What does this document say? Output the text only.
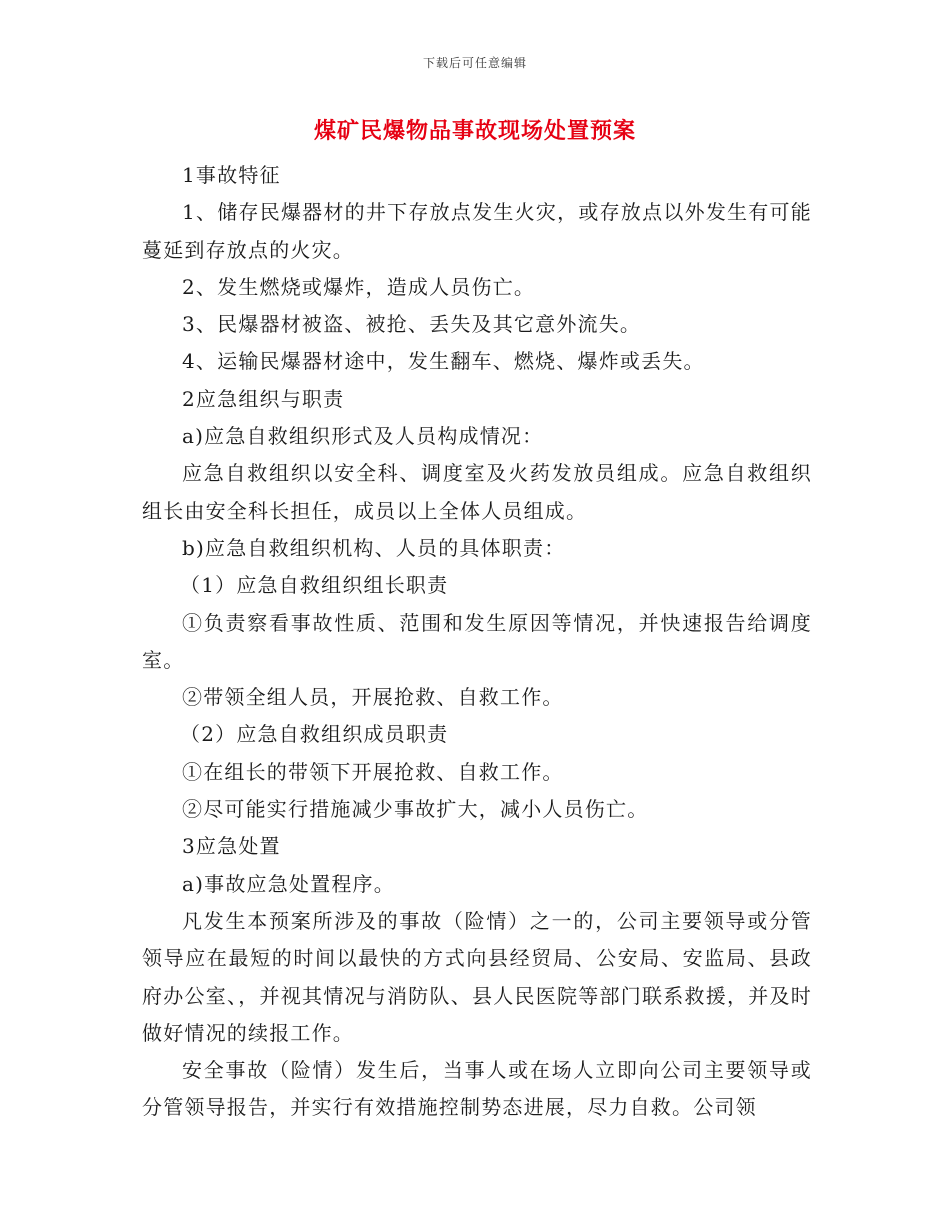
下载后可任意编辑
煤矿民爆物品事故现场处置预案

1事故特征

1、储存民爆器材的井下存放点发生火灾，或存放点以外发生有可能蔓延到存放点的火灾。

2、发生燃烧或爆炸，造成人员伤亡。

3、民爆器材被盗、被抢、丢失及其它意外流失。

4、运输民爆器材途中，发生翻车、燃烧、爆炸或丢失。

2应急组织与职责

a)应急自救组织形式及人员构成情况：

应急自救组织以安全科、调度室及火药发放员组成。应急自救组织组长由安全科长担任，成员以上全体人员组成。

b)应急自救组织机构、人员的具体职责：

（1）应急自救组织组长职责

①负责察看事故性质、范围和发生原因等情况，并快速报告给调度室。

②带领全组人员，开展抢救、自救工作。

（2）应急自救组织成员职责

①在组长的带领下开展抢救、自救工作。

②尽可能实行措施减少事故扩大，减小人员伤亡。

3应急处置

a)事故应急处置程序。

凡发生本预案所涉及的事故（险情）之一的，公司主要领导或分管领导应在最短的时间以最快的方式向县经贸局、公安局、安监局、县政府办公室、，并视其情况与消防队、县人民医院等部门联系救援，并及时做好情况的续报工作。

安全事故（险情）发生后，当事人或在场人立即向公司主要领导或分管领导报告，并实行有效措施控制势态进展，尽力自救。公司领
